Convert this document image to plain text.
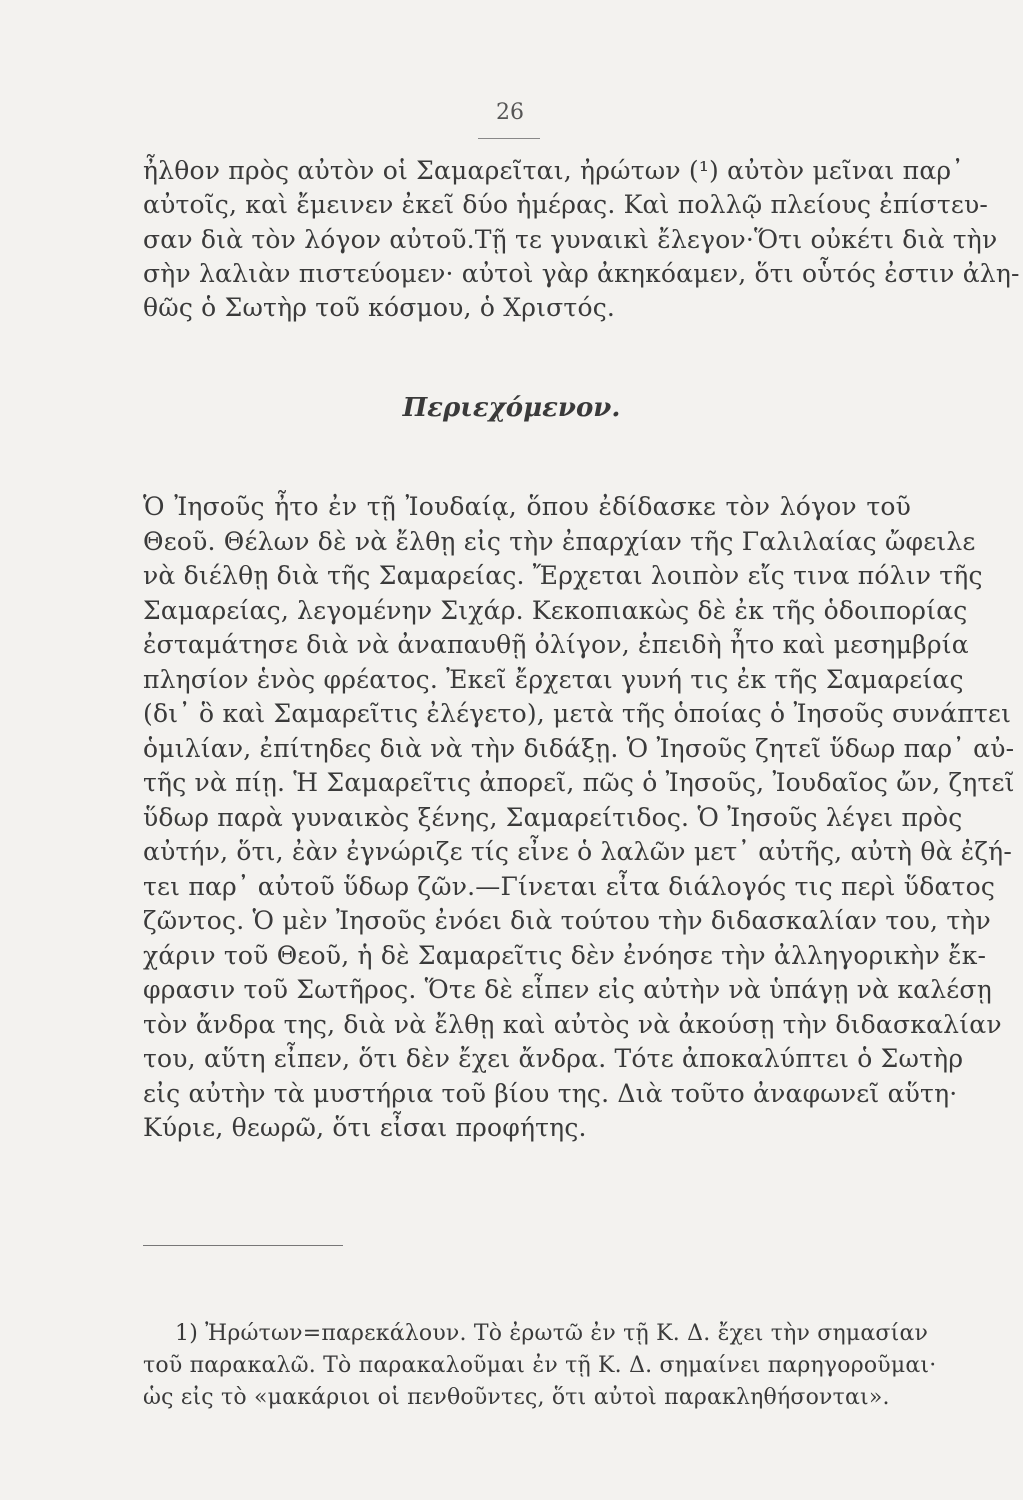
26
ἦλθον πρὸς αὐτὸν οἱ Σαμαρεῖται, ἠρώτων (¹) αὐτὸν μεῖναι παρ᾽
αὐτοῖς, καὶ ἔμεινεν ἐκεῖ δύο ἡμέρας. Καὶ πολλῷ πλείους ἐπίστευ-
σαν διὰ τὸν λόγον αὐτοῦ.Τῇ τε γυναικὶ ἔλεγον·Ὅτι οὐκέτι διὰ τὴν
σὴν λαλιὰν πιστεύομεν· αὐτοὶ γὰρ ἀκηκόαμεν, ὅτι οὗτός ἐστιν ἀλη-
θῶς ὁ Σωτὴρ τοῦ κόσμου, ὁ Χριστός.
Περιεχόμενον.
Ὁ Ἰησοῦς ἦτο ἐν τῇ Ἰουδαίᾳ, ὅπου ἐδίδασκε τὸν λόγον τοῦ
Θεοῦ. Θέλων δὲ νὰ ἔλθῃ εἰς τὴν ἐπαρχίαν τῆς Γαλιλαίας ὤφειλε
νὰ διέλθῃ διὰ τῆς Σαμαρείας. Ἔρχεται λοιπὸν εἴς τινα πόλιν τῆς
Σαμαρείας, λεγομένην Σιχάρ. Κεκοπιακὼς δὲ ἐκ τῆς ὁδοιπορίας
ἐσταμάτησε διὰ νὰ ἀναπαυθῇ ὀλίγον, ἐπειδὴ ἦτο καὶ μεσημβρία
πλησίον ἑνὸς φρέατος. Ἐκεῖ ἔρχεται γυνή τις ἐκ τῆς Σαμαρείας
(δι᾽ ὃ καὶ Σαμαρεῖτις ἐλέγετο), μετὰ τῆς ὁποίας ὁ Ἰησοῦς συνάπτει
ὁμιλίαν, ἐπίτηδες διὰ νὰ τὴν διδάξῃ. Ὁ Ἰησοῦς ζητεῖ ὕδωρ παρ᾽ αὐ-
τῆς νὰ πίῃ. Ἡ Σαμαρεῖτις ἀπορεῖ, πῶς ὁ Ἰησοῦς, Ἰουδαῖος ὤν, ζητεῖ
ὕδωρ παρὰ γυναικὸς ξένης, Σαμαρείτιδος. Ὁ Ἰησοῦς λέγει πρὸς
αὐτήν, ὅτι, ἐὰν ἐγνώριζε τίς εἶνε ὁ λαλῶν μετ᾽ αὐτῆς, αὐτὴ θὰ ἐζή-
τει παρ᾽ αὐτοῦ ὕδωρ ζῶν.—Γίνεται εἶτα διάλογός τις περὶ ὕδατος
ζῶντος. Ὁ μὲν Ἰησοῦς ἐνόει διὰ τούτου τὴν διδασκαλίαν του, τὴν
χάριν τοῦ Θεοῦ, ἡ δὲ Σαμαρεῖτις δὲν ἐνόησε τὴν ἀλληγορικὴν ἔκ-
φρασιν τοῦ Σωτῆρος. Ὅτε δὲ εἶπεν εἰς αὐτὴν νὰ ὑπάγῃ νὰ καλέσῃ
τὸν ἄνδρα της, διὰ νὰ ἔλθῃ καὶ αὐτὸς νὰ ἀκούσῃ τὴν διδασκαλίαν
του, αὕτη εἶπεν, ὅτι δὲν ἔχει ἄνδρα. Τότε ἀποκαλύπτει ὁ Σωτὴρ
εἰς αὐτὴν τὰ μυστήρια τοῦ βίου της. Διὰ τοῦτο ἀναφωνεῖ αὕτη·
Κύριε, θεωρῶ, ὅτι εἶσαι προφήτης.
1) Ἠρώτων=παρεκάλουν. Τὸ ἐρωτῶ ἐν τῇ Κ. Δ. ἔχει τὴν σημασίαν
τοῦ παρακαλῶ. Τὸ παρακαλοῦμαι ἐν τῇ Κ. Δ. σημαίνει παρηγοροῦμαι·
ὡς εἰς τὸ «μακάριοι οἱ πενθοῦντες, ὅτι αὐτοὶ παρακληθήσονται».
